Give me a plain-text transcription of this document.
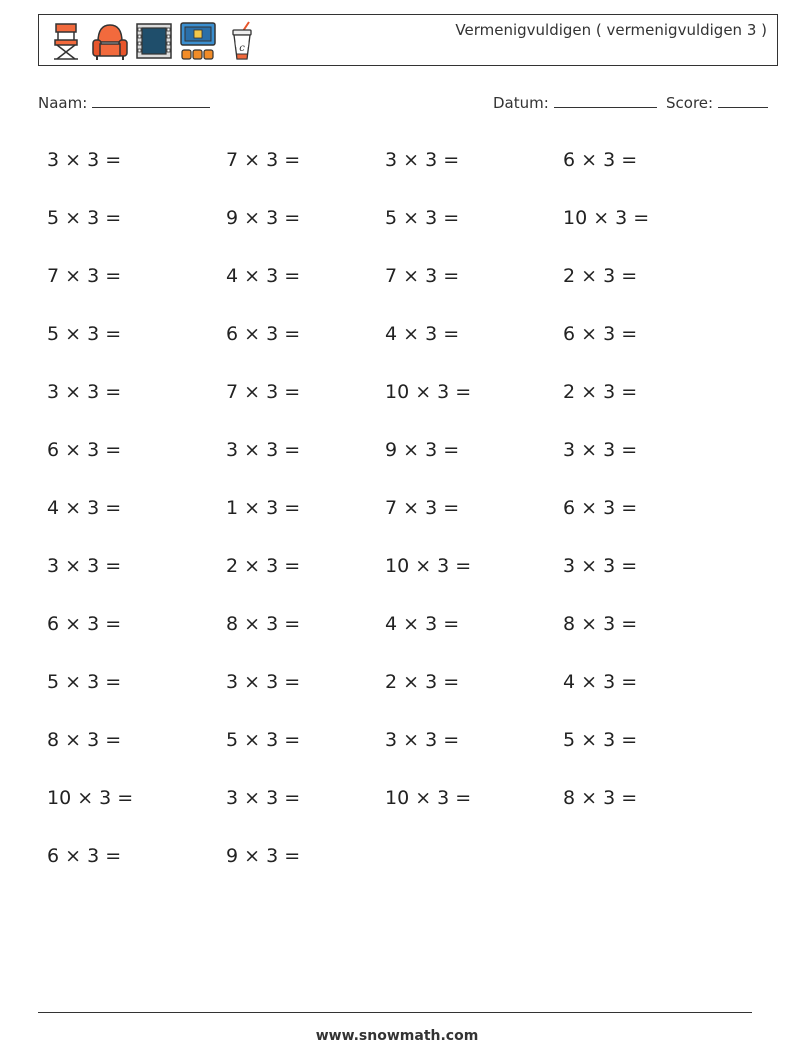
c
Vermenigvuldigen ( vermenigvuldigen 3 )
Naam:	Datum:	Score:
3 × 3 =	7 × 3 =	3 × 3 =	6 × 3 =
5 × 3 =	9 × 3 =	5 × 3 =	10 × 3 =
7 × 3 =	4 × 3 =	7 × 3 =	2 × 3 =
5 × 3 =	6 × 3 =	4 × 3 =	6 × 3 =
3 × 3 =	7 × 3 =	10 × 3 =	2 × 3 =
6 × 3 =	3 × 3 =	9 × 3 =	3 × 3 =
4 × 3 =	1 × 3 =	7 × 3 =	6 × 3 =
3 × 3 =	2 × 3 =	10 × 3 =	3 × 3 =
6 × 3 =	8 × 3 =	4 × 3 =	8 × 3 =
5 × 3 =	3 × 3 =	2 × 3 =	4 × 3 =
8 × 3 =	5 × 3 =	3 × 3 =	5 × 3 =
10 × 3 =	3 × 3 =	10 × 3 =	8 × 3 =
6 × 3 =	9 × 3 =
www.snowmath.com
